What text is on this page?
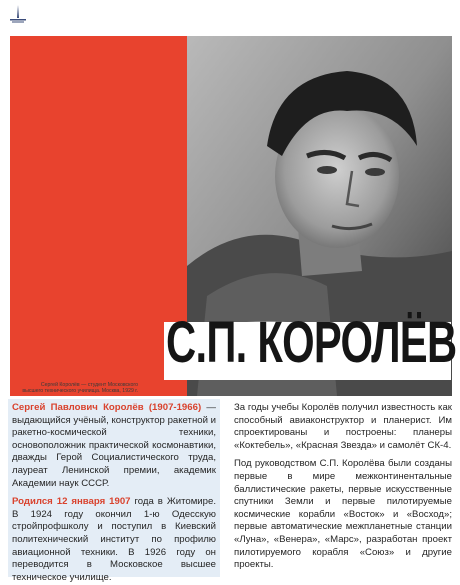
Сергей Королёв — студент Московского высшего технического училища. Москва, 1929 г.
С.П. КОРОЛЁВ

Сергей Павлович Королёв (1907-1966) — выдающийся учёный, конструктор ракетной и ракетно-космической техники, основоположник практической космонавтики, дважды Герой Социалистического труда, лауреат Ленинской премии, академик Академии наук СССР.

Родился 12 января 1907 года в Житомире. В 1924 году окончил 1-ю Одесскую стройпрофшколу и поступил в Киевский политехнический институт по профилю авиационной техники. В 1926 году он переводится в Московское высшее техническое училище.

За годы учебы Королёв получил известность как способный авиаконструктор и планерист. Им спроектированы и построены: планеры «Коктебель», «Красная Звезда» и самолёт СК-4.

Под руководством С.П. Королёва были созданы первые в мире межконтинентальные баллистические ракеты, первые искусственные спутники Земли и первые пилотируемые космические корабли «Восток» и «Восход»; первые автоматические межпланетные станции «Луна», «Венера», «Марс», разработан проект пилотируемого корабля «Союз» и другие проекты.
